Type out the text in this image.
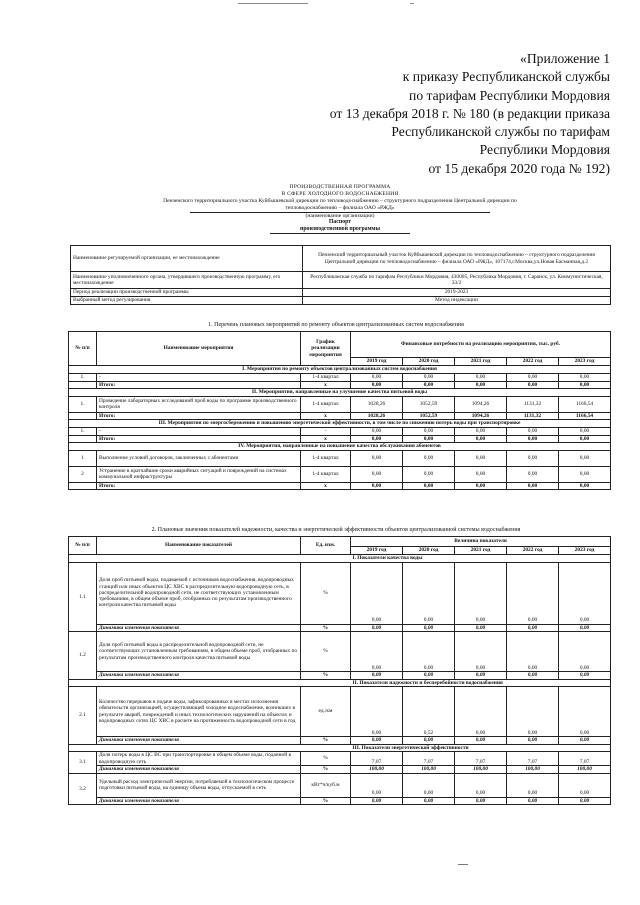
«Приложение 1
к приказу Республиканской службы
по тарифам Республики Мордовия
от 13 декабря 2018 г. № 180 (в редакции приказа
Республиканской службы по тарифам
Республики Мордовия
от 15 декабря 2020 года № 192)
ПРОИЗВОДСТВЕННАЯ ПРОГРАММА
В СФЕРЕ ХОЛОДНОГО ВОДОСНАБЖЕНИЯ
Пензенского территориального участка Куйбышевской дирекции по тепловодоснабжению – структурного подразделения Центральной дирекции по
тепловодоснабжению – филиала ОАО «РЖД»
(наименование организации)
Паспорт
производственной программы
Наименование регулируемой организации, ее местонахождение	Пензенский территориальный участок Куйбышевской дирекции по тепловодоснабжению – структурного подразделения Центральной дирекции по тепловодоснабжению – филиала ОАО «РЖД», 107174,г.Москва,ул.Новая Басманная,д.2
Наименование уполномоченного органа, утвердившего производственную программу, его местонахождение	Республиканская служба по тарифам Республики Мордовия, 430005, Республика Мордовия, г. Саранск, ул. Коммунистическая, 33/2
Период реализации производственной программы	2019-2023
Выбранный метод регулирования	Метод индексации
1. Перечень плановых мероприятий по ремонту объектов централизованных систем водоснабжения
№ п/п	Наименование мероприятия	График реализации мероприятия	Финансовые потребности на реализацию мероприятия, тыс. руб.				
			2019 год	2020 год	2021 год	2022 год	2023 год
I. Мероприятия по ремонту объектов централизованных систем водоснабжения							
1.	-	1-4 квартал	0,00	0,00	0,00	0,00	0,00
	Итого:	х	0,00	0,00	0,00	0,00	0,00
II. Мероприятия, направленные на улучшение качества питьевой воды							
1.	Проведение лабораторных исследований проб воды по программе производственного контроля	1-4 квартал	1028,26	1052,59	1094,26	1131,32	1166,54
	Итого:	х	1028,26	1052,59	1094,26	1131,32	1166,54
III. Мероприятия по энергосбережению и повышению энергетической эффективности, в том числе по снижению потерь воды при транспортировке							
1.	-	-	0,00	0,00	0,00	0,00	0,00
	Итого:	х	0,00	0,00	0,00	0,00	0,00
IV. Мероприятия, направленные на повышение качества обслуживания абонентов							
1	Выполнение условий договоров, заключенных с абонентами	1-4 квартал	0,00	0,00	0,00	0,00	0,00
2	Устранение в кратчайшие сроки аварийных ситуаций и повреждений на системах коммунальной инфраструктуры	1-4 квартал	0,00	0,00	0,00	0,00	0,00
	Итого:	х	0,00	0,00	0,00	0,00	0,00
2. Плановые значения показателей надежности, качества и энергетической эффективности объектов централизованной системы водоснабжения
№ п/п	Наименование показателей	Ед. изм.	Величина показателя				
			2019 год	2020 год	2021 год	2022 год	2023 год
			I. Показатели качества воды				
1.1	Доля проб питьевой воды, подаваемой с источников водоснабжения, водопроводных станций или иных объектов ЦС ХВС в распределительную водопроводную сеть, в распределительной водопроводной сети, не соответствующих установленным требованиям, в общем объеме проб, отобранных по результатам производственного контроля качества питьевой воды	%	0,00	0,00	0,00	0,00	0,00
	Динамика изменения показателя	%	0,00	0,00	0,00	0,00	0,00
1.2	Доля проб питьевой воды в распределительной водопроводной сети, не соответствующих установленным требованиям, в общем объеме проб, отобранных по результатам производственного контроля качества питьевой воды	%	0,00	0,00	0,00	0,00	0,00
	Динамика изменения показателя	%	0,00	0,00	0,00	0,00	0,00
			II. Показатели надежности и бесперебойности водоснабжения				
2.1	Количество перерывов в подаче воды, зафиксированных в местах исполнения обязательств организацией, осуществляющей холодное водоснабжение, возникших в результате аварий, повреждений и иных технологических нарушений на объектах и водопроводных сетях ЦС ХВС в расчете на протяженность водопроводной сети в год	ед./км	0,00	0,52	0,00	0,00	0,00
	Динамика изменения показателя	%	0,00	0,00	0,00	0,00	0,00
			III. Показатели энергетической эффективности				
3.1	Доля потерь воды в ЦС ВС при транспортировке в общем объеме воды, поданной в водопроводную сеть	%	7,07	7,07	7,07	7,07	7,07
	Динамика изменения показателя	%	100,00	100,00	100,00	100,00	100,00
3.2	Удельный расход электрической энергии, потребляемой в технологическом процессе подготовки питьевой воды, на единицу объема воды, отпускаемой в сеть	кВт*ч/куб.м	0,00	0,00	0,00	0,00	0,00
	Динамика изменения показателя	%	0,00	0,00	0,00	0,00	0,00
